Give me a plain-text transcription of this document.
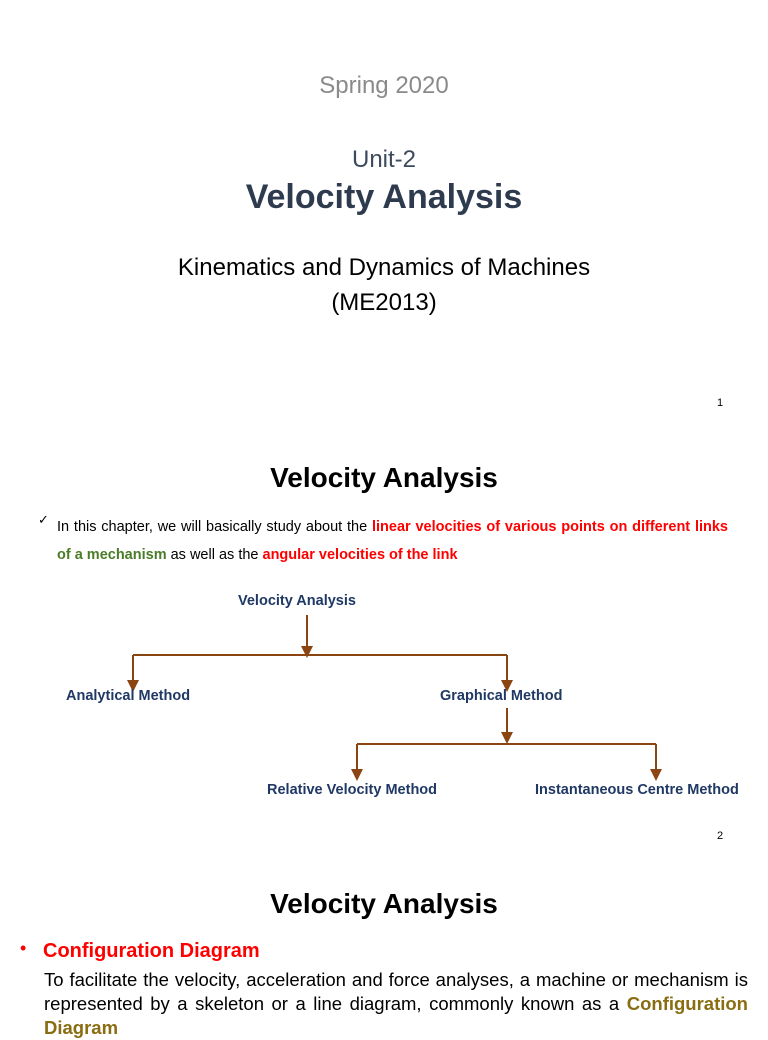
Spring 2020
Unit-2
Velocity Analysis
Kinematics and Dynamics of Machines
(ME2013)
1
Velocity Analysis
✓ In this chapter, we will basically study about the linear velocities of various points on different links of a mechanism as well as the angular velocities of the link
Velocity Analysis
Analytical Method	Graphical Method
Relative Velocity Method	Instantaneous Centre Method
2
Velocity Analysis
• Configuration Diagram
To facilitate the velocity, acceleration and force analyses, a machine or mechanism is represented by a skeleton or a line diagram, commonly known as a Configuration Diagram
